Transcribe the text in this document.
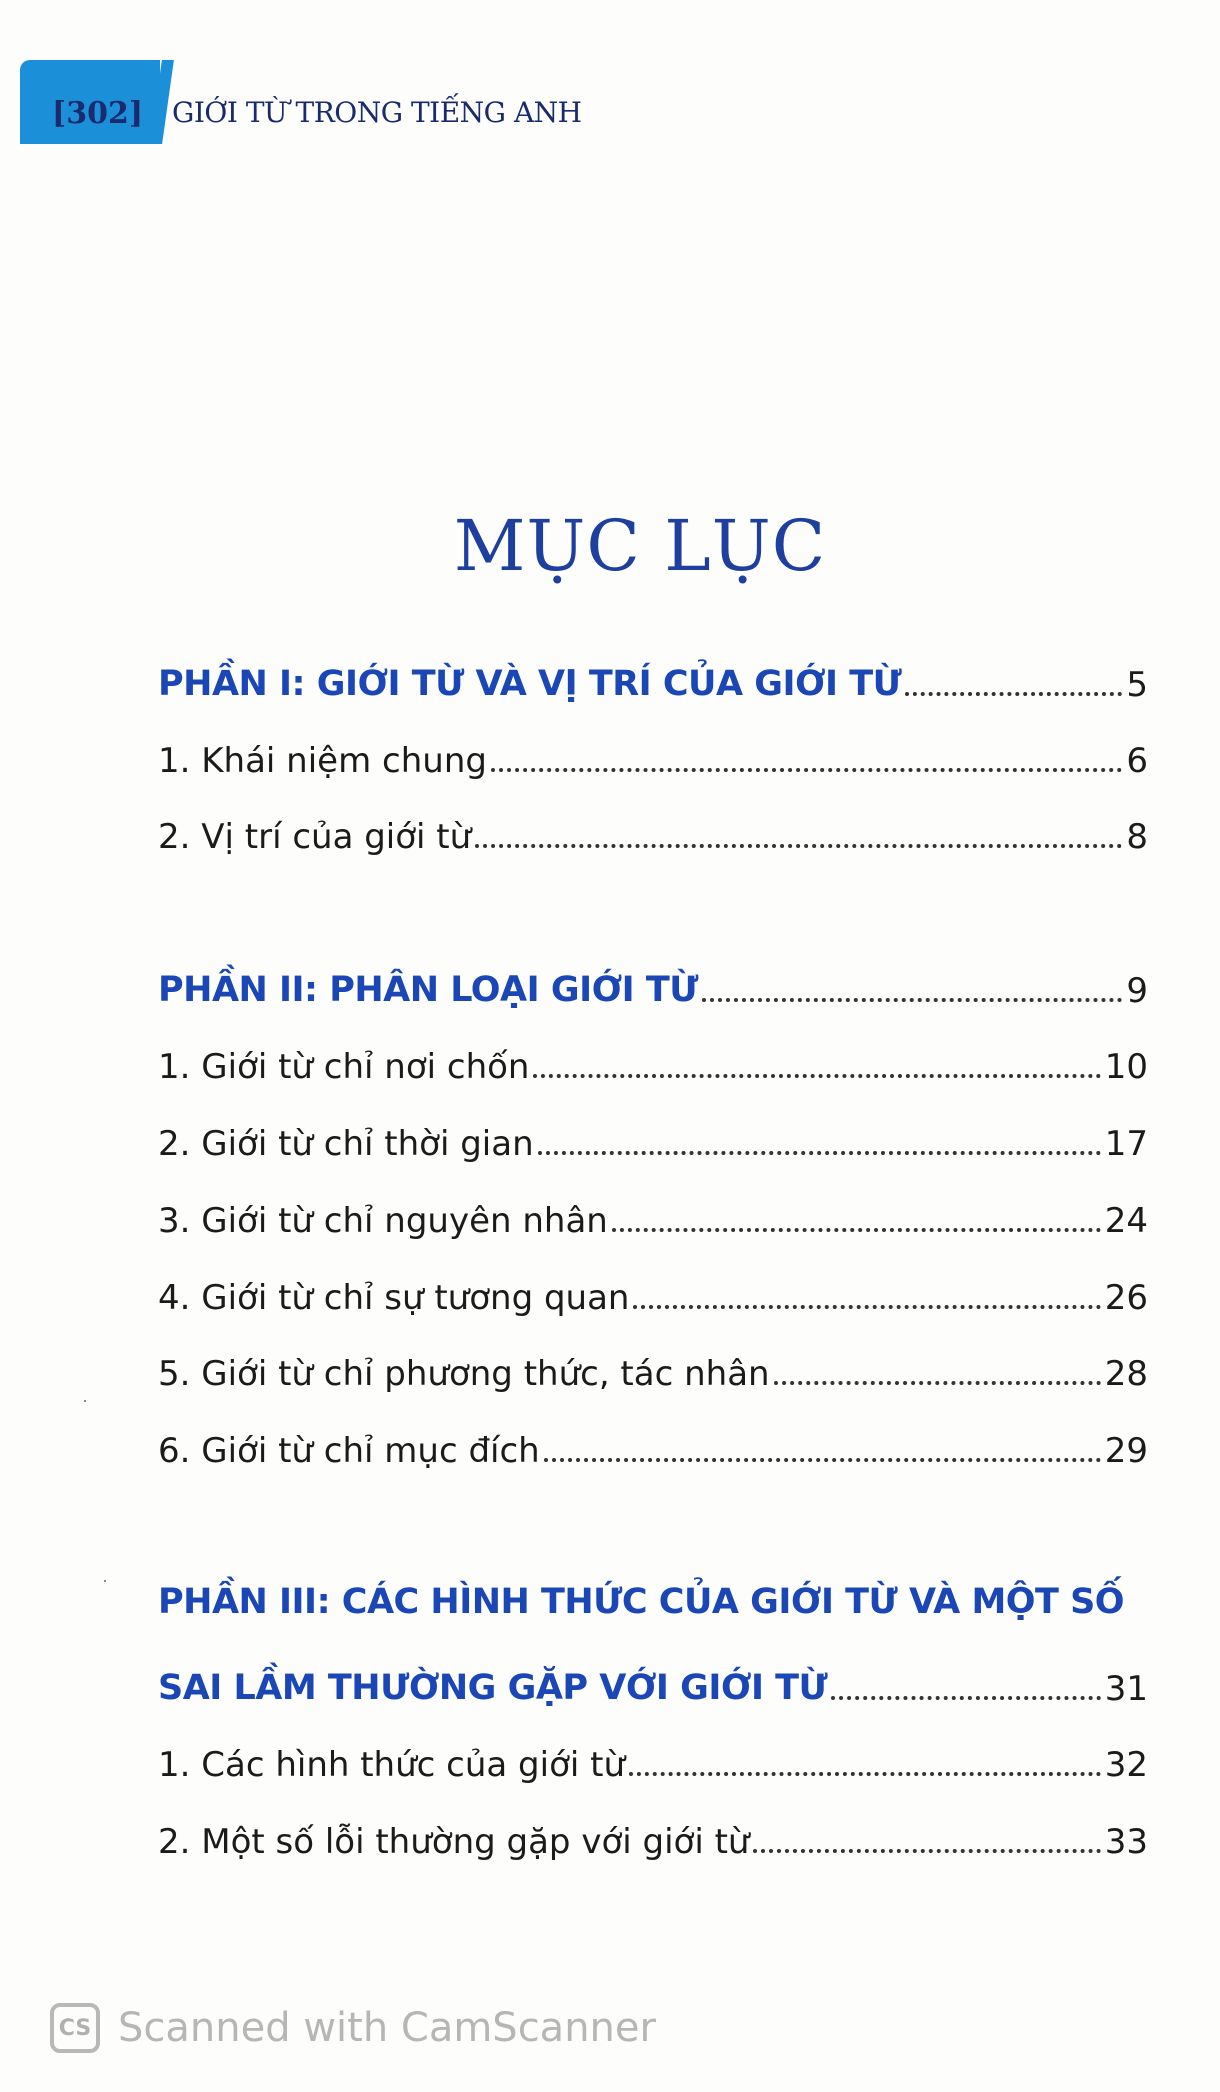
[302] GIỚI TỪ TRONG TIẾNG ANH
MỤC LỤC
PHẦN I: GIỚI TỪ VÀ VỊ TRÍ CỦA GIỚI TỪ	5
1. Khái niệm chung	6
2. Vị trí của giới từ	8
PHẦN II: PHÂN LOẠI GIỚI TỪ	9
1. Giới từ chỉ nơi chốn	10
2. Giới từ chỉ thời gian	17
3. Giới từ chỉ nguyên nhân	24
4. Giới từ chỉ sự tương quan	26
5. Giới từ chỉ phương thức, tác nhân	28
6. Giới từ chỉ mục đích	29
PHẦN III: CÁC HÌNH THỨC CỦA GIỚI TỪ VÀ MỘT SỐ
SAI LẦM THƯỜNG GẶP VỚI GIỚI TỪ	31
1. Các hình thức của giới từ	32
2. Một số lỗi thường gặp với giới từ	33
CS Scanned with CamScanner
